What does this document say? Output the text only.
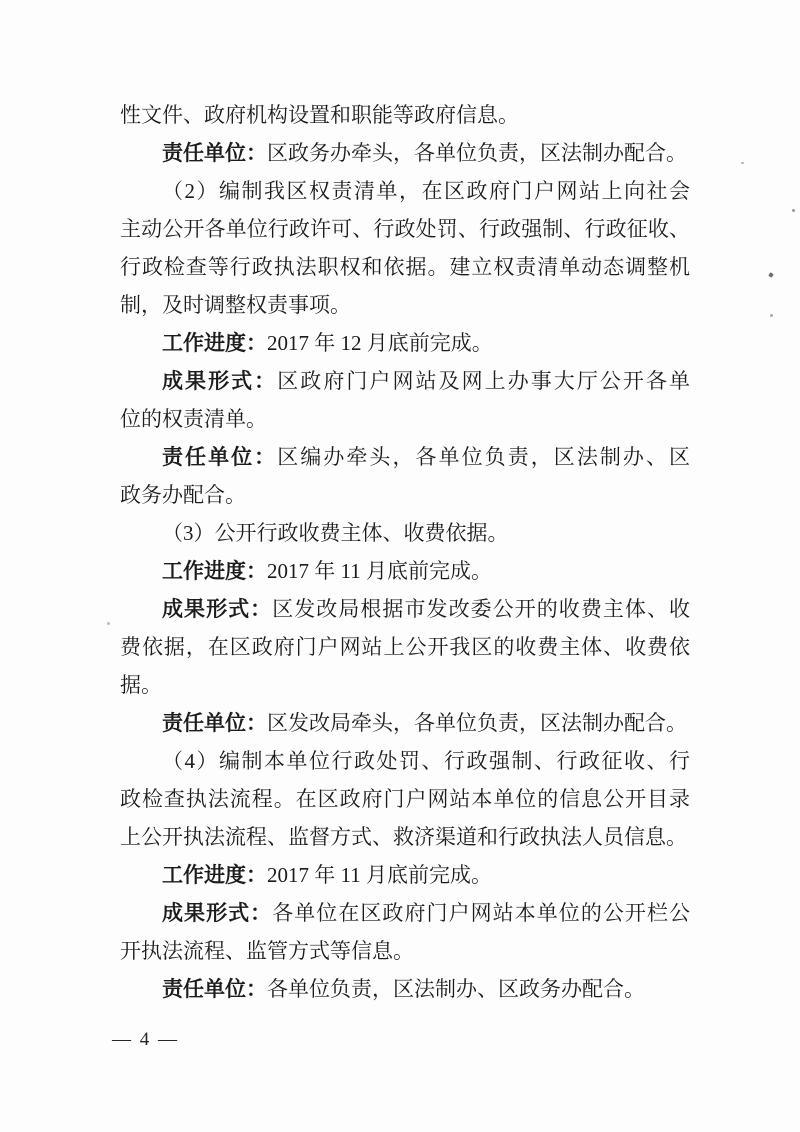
性文件、政府机构设置和职能等政府信息。
责任单位：区政务办牵头，各单位负责，区法制办配合。
（2）编制我区权责清单，在区政府门户网站上向社会
主动公开各单位行政许可、行政处罚、行政强制、行政征收、
行政检查等行政执法职权和依据。建立权责清单动态调整机
制，及时调整权责事项。
工作进度：2017 年 12 月底前完成。
成果形式：区政府门户网站及网上办事大厅公开各单
位的权责清单。
责任单位：区编办牵头，各单位负责，区法制办、区
政务办配合。
（3）公开行政收费主体、收费依据。
工作进度：2017 年 11 月底前完成。
成果形式：区发改局根据市发改委公开的收费主体、收
费依据，在区政府门户网站上公开我区的收费主体、收费依
据。
责任单位：区发改局牵头，各单位负责，区法制办配合。
（4）编制本单位行政处罚、行政强制、行政征收、行
政检查执法流程。在区政府门户网站本单位的信息公开目录
上公开执法流程、监督方式、救济渠道和行政执法人员信息。
工作进度：2017 年 11 月底前完成。
成果形式：各单位在区政府门户网站本单位的公开栏公
开执法流程、监管方式等信息。
责任单位：各单位负责，区法制办、区政务办配合。
— 4 —
